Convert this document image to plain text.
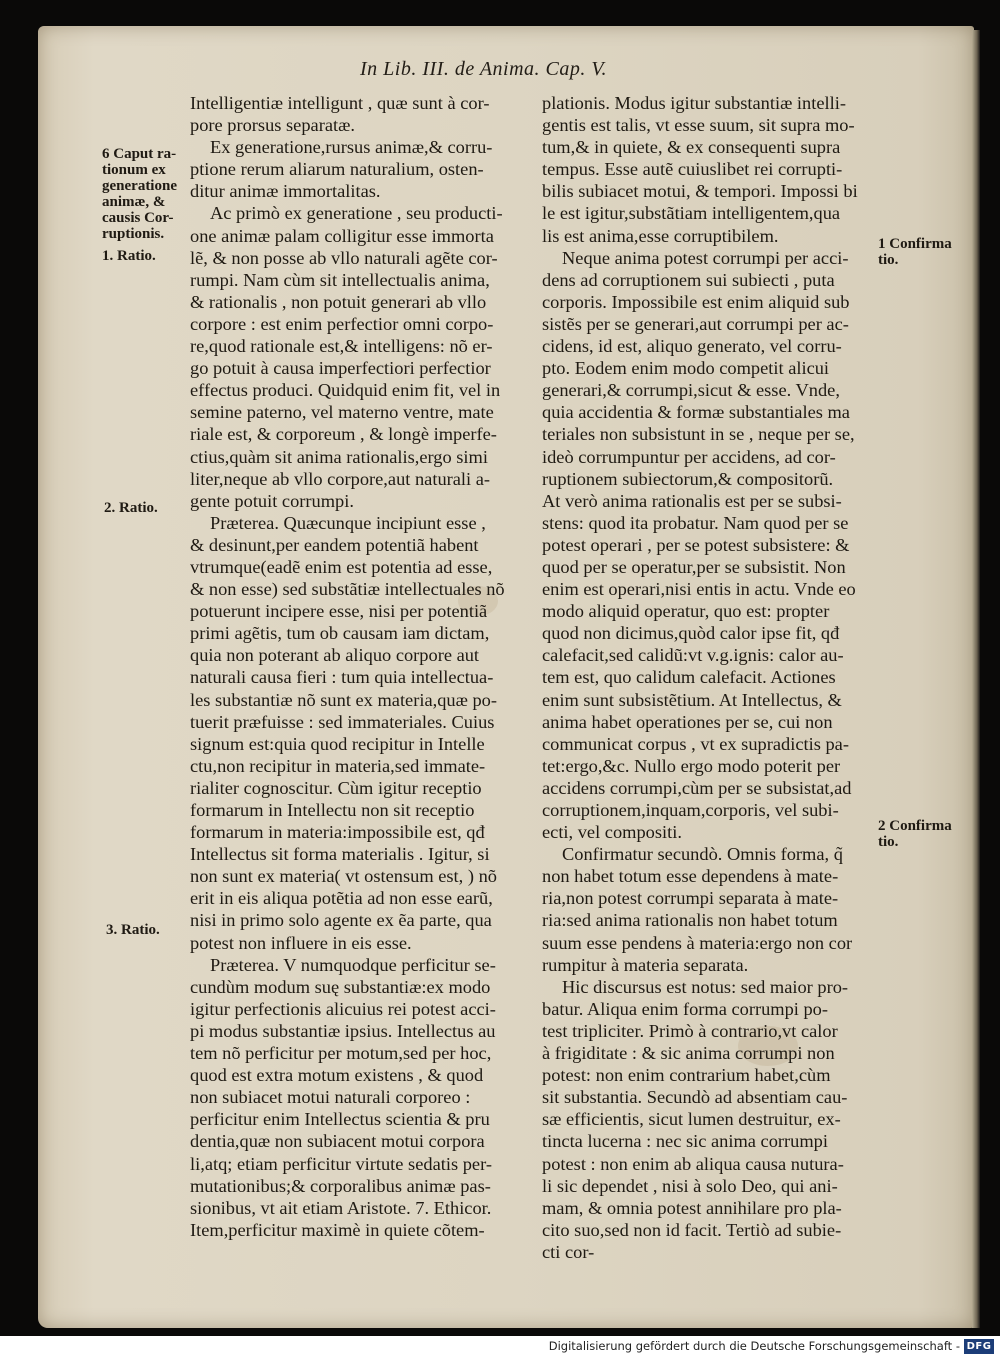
In Lib. III. de Anima. Cap. V.
Intelligentiæ intelligunt , quæ sunt à cor-
pore prorsus separatæ.
Ex generatione,rursus animæ,& corru-
ptione rerum aliarum naturalium, osten-
ditur animæ immortalitas.
Ac primò ex generatione , seu producti-
one animæ palam colligitur esse immorta
lẽ, & non posse ab vllo naturali agẽte cor-
rumpi. Nam cùm sit intellectualis anima,
& rationalis , non potuit generari ab vllo
corpore : est enim perfectior omni corpo-
re,quod rationale est,& intelligens: nõ er-
go potuit à causa imperfectiori perfectior
effectus produci. Quidquid enim fit, vel in
semine paterno, vel materno ventre, mate
riale est, & corporeum , & longè imperfe-
ctius,quàm sit anima rationalis,ergo simi
liter,neque ab vllo corpore,aut naturali a-
gente potuit corrumpi.
Præterea. Quæcunque incipiunt esse ,
& desinunt,per eandem potentiã habent
vtrumque(eadẽ enim est potentia ad esse,
& non esse) sed substãtiæ intellectuales nõ
potuerunt incipere esse, nisi per potentiã
primi agẽtis, tum ob causam iam dictam,
quia non poterant ab aliquo corpore aut
naturali causa fieri : tum quia intellectua-
les substantiæ nõ sunt ex materia,quæ po-
tuerit præfuisse : sed immateriales. Cuius
signum est:quia quod recipitur in Intelle
ctu,non recipitur in materia,sed immate-
rialiter cognoscitur. Cùm igitur receptio
formarum in Intellectu non sit receptio
formarum in materia:impossibile est, qđ
Intellectus sit forma materialis . Igitur, si
non sunt ex materia( vt ostensum est, ) nõ
erit in eis aliqua potẽtia ad non esse earũ,
nisi in primo solo agente ex ẽa parte, qua
potest non influere in eis esse.
Præterea. V numquodque perficitur se-
cundùm modum suę substantiæ:ex modo
igitur perfectionis alicuius rei potest acci-
pi modus substantiæ ipsius. Intellectus au
tem nõ perficitur per motum,sed per hoc,
quod est extra motum existens , & quod
non subiacet motui naturali corporeo :
perficitur enim Intellectus scientia & pru
dentia,quæ non subiacent motui corpora
li,atq; etiam perficitur virtute sedatis per-
mutationibus;& corporalibus animæ pas-
sionibus, vt ait etiam Aristote. 7. Ethicor.
Item,perficitur maximè in quiete cõtem-
plationis. Modus igitur substantiæ intelli-
gentis est talis, vt esse suum, sit supra mo-
tum,& in quiete, & ex consequenti supra
tempus. Esse autẽ cuiuslibet rei corrupti-
bilis subiacet motui, & tempori. Impossi bi
le est igitur,substãtiam intelligentem,qua
lis est anima,esse corruptibilem.
Neque anima potest corrumpi per acci-
dens ad corruptionem sui subiecti , puta
corporis. Impossibile est enim aliquid sub
sistẽs per se generari,aut corrumpi per ac-
cidens, id est, aliquo generato, vel corru-
pto. Eodem enim modo competit alicui
generari,& corrumpi,sicut & esse. Vnde,
quia accidentia & formæ substantiales ma
teriales non subsistunt in se , neque per se,
ideò corrumpuntur per accidens, ad cor-
ruptionem subiectorum,& compositorũ.
At verò anima rationalis est per se subsi-
stens: quod ita probatur. Nam quod per se
potest operari , per se potest subsistere: &
quod per se operatur,per se subsistit. Non
enim est operari,nisi entis in actu. Vnde eo
modo aliquid operatur, quo est: propter
quod non dicimus,quòd calor ipse fit, qđ
calefacit,sed calidũ:vt v.g.ignis: calor au-
tem est, quo calidum calefacit. Actiones
enim sunt subsistẽtium. At Intellectus, &
anima habet operationes per se, cui non
communicat corpus , vt ex supradictis pa-
tet:ergo,&c. Nullo ergo modo poterit per
accidens corrumpi,cùm per se subsistat,ad
corruptionem,inquam,corporis, vel subi-
ecti, vel compositi.
Confirmatur secundò. Omnis forma, q̃
non habet totum esse dependens à mate-
ria,non potest corrumpi separata à mate-
ria:sed anima rationalis non habet totum
suum esse pendens à materia:ergo non cor
rumpitur à materia separata.
Hic discursus est notus: sed maior pro-
batur. Aliqua enim forma corrumpi po-
test tripliciter. Primò à contrario,vt calor
à frigiditate : & sic anima corrumpi non
potest: non enim contrarium habet,cùm
sit substantia. Secundò ad absentiam cau-
sæ efficientis, sicut lumen destruitur, ex-
tincta lucerna : nec sic anima corrumpi
potest : non enim ab aliqua causa nutura-
li sic dependet , nisi à solo Deo, qui ani-
mam, & omnia potest annihilare pro pla-
cito suo,sed non id facit. Tertiò ad subie-
cti cor-
6 Caput ra-
tionum ex
generatione
animæ, &
causis Cor-
ruptionis.
1. Ratio.
2. Ratio.
3. Ratio.
1 Confirma
tio.
2 Confirma
tio.
Digitalisierung gefördert durch die Deutsche Forschungsgemeinschaft - DFG
